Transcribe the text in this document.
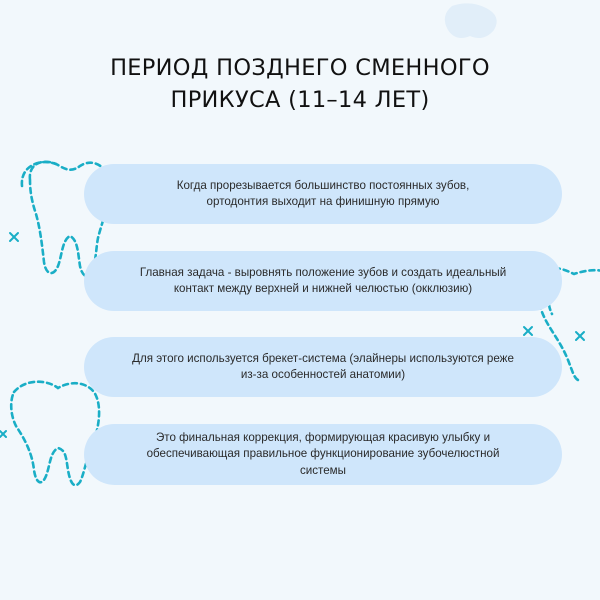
ПЕРИОД ПОЗДНЕГО СМЕННОГО
ПРИКУСА (11–14 ЛЕТ)
Когда прорезывается большинство постоянных зубов,
ортодонтия выходит на финишную прямую
Главная задача - выровнять положение зубов и создать идеальный
контакт между верхней и нижней челюстью (окклюзию)
Для этого используется брекет-система (элайнеры используются реже
из-за особенностей анатомии)
Это финальная коррекция, формирующая красивую улыбку и
обеспечивающая правильное функционирование зубочелюстной
системы
